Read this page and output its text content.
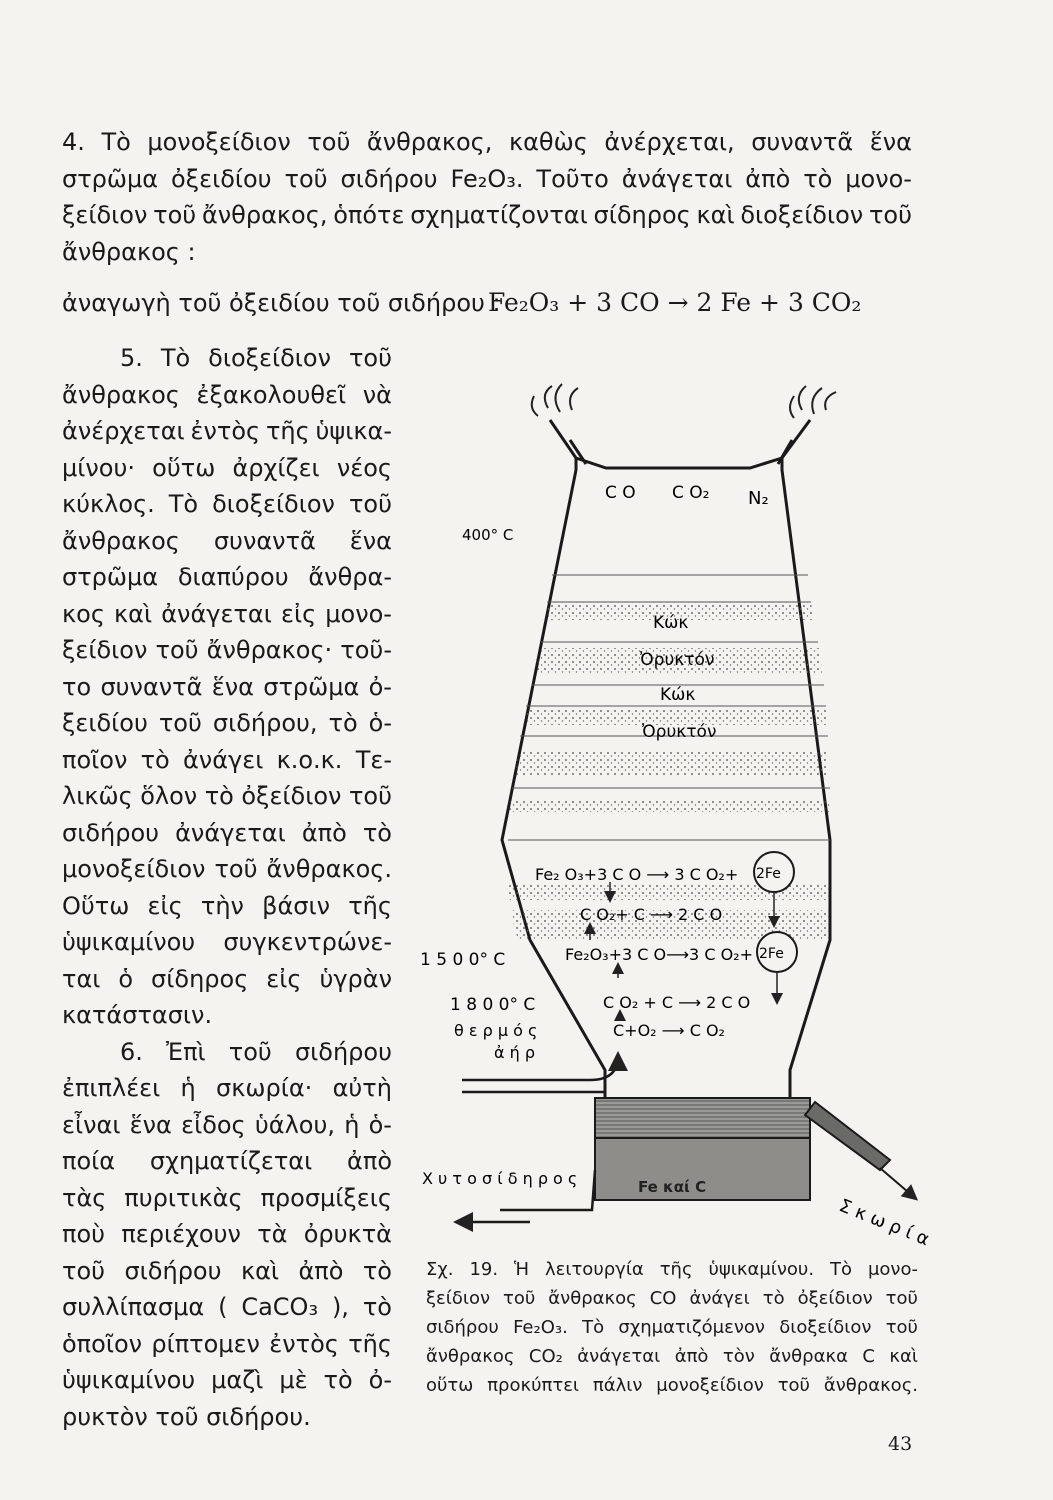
4. Τὸ μονοξείδιον τοῦ ἄνθρακος, καθὼς ἀνέρχεται, συναντᾶ ἕνα
στρῶμα ὀξειδίου τοῦ σιδήρου Fe₂O₃. Τοῦτο ἀνάγεται ἀπὸ τὸ μονο-
ξείδιον τοῦ ἄνθρακος, ὁπότε σχηματίζονται σίδηρος καὶ διοξείδιον τοῦ
ἄνθρακος :
ἀναγωγὴ τοῦ ὀξειδίου τοῦ σιδήρου :
Fe₂O₃ + 3 CO → 2 Fe + 3 CO₂
5. Τὸ διοξείδιον τοῦ
ἄνθρακος ἐξακολουθεῖ νὰ
ἀνέρχεται ἐντὸς τῆς ὑψικα-
μίνου· οὕτω ἀρχίζει νέος
κύκλος. Τὸ διοξείδιον τοῦ
ἄνθρακος συναντᾶ ἕνα
στρῶμα διαπύρου ἄνθρα-
κος καὶ ἀνάγεται εἰς μονο-
ξείδιον τοῦ ἄνθρακος· τοῦ-
το συναντᾶ ἕνα στρῶμα ὀ-
ξειδίου τοῦ σιδήρου, τὸ ὁ-
ποῖον τὸ ἀνάγει κ.ο.κ. Τε-
λικῶς ὅλον τὸ ὀξείδιον τοῦ
σιδήρου ἀνάγεται ἀπὸ τὸ
μονοξείδιον τοῦ ἄνθρακος.
Οὕτω εἰς τὴν βάσιν τῆς
ὑψικαμίνου συγκεντρώνε-
ται ὁ σίδηρος εἰς ὑγρὰν
κατάστασιν.
6. Ἐπὶ τοῦ σιδήρου
ἐπιπλέει ἡ σκωρία· αὐτὴ
εἶναι ἕνα εἶδος ὑάλου, ἡ ὁ-
ποία σχηματίζεται ἀπὸ
τὰς πυριτικὰς προσμίξεις
ποὺ περιέχουν τὰ ὀρυκτὰ
τοῦ σιδήρου καὶ ἀπὸ τὸ
συλλίπασμα ( CaCO₃ ), τὸ
ὁποῖον ρίπτομεν ἐντὸς τῆς
ὑψικαμίνου μαζὶ μὲ τὸ ὀ-
ρυκτὸν τοῦ σιδήρου.
C O C O₂ N₂
400° C
Κώκ
Ὀρυκτόν
Κώκ
Ὀρυκτόν
Fe₂ O₃+3 C O ⟶ 3 C O₂+ 2Fe
C O₂+ C ⟶ 2 C O
1 5 0 0° C	Fe₂O₃+3 C O⟶3 C O₂+ 2Fe
1 8 0 0° C	C O₂ + C ⟶ 2 C O
C+O₂ ⟶ C O₂
θ ε ρ μ ό ς
ἀ ή ρ
Fe καί C
Σ κ ω ρ ί α
Χ υ τ ο σ ί δ η ρ ο ς
Σχ. 19. Ἡ λειτουργία τῆς ὑψικαμίνου. Τὸ μονο-
ξείδιον τοῦ ἄνθρακος CO ἀνάγει τὸ ὀξείδιον τοῦ
σιδήρου Fe₂O₃. Τὸ σχηματιζόμενον διοξείδιον τοῦ
ἄνθρακος CO₂ ἀνάγεται ἀπὸ τὸν ἄνθρακα C καὶ
οὕτω προκύπτει πάλιν μονοξείδιον τοῦ ἄνθρακος.
43
